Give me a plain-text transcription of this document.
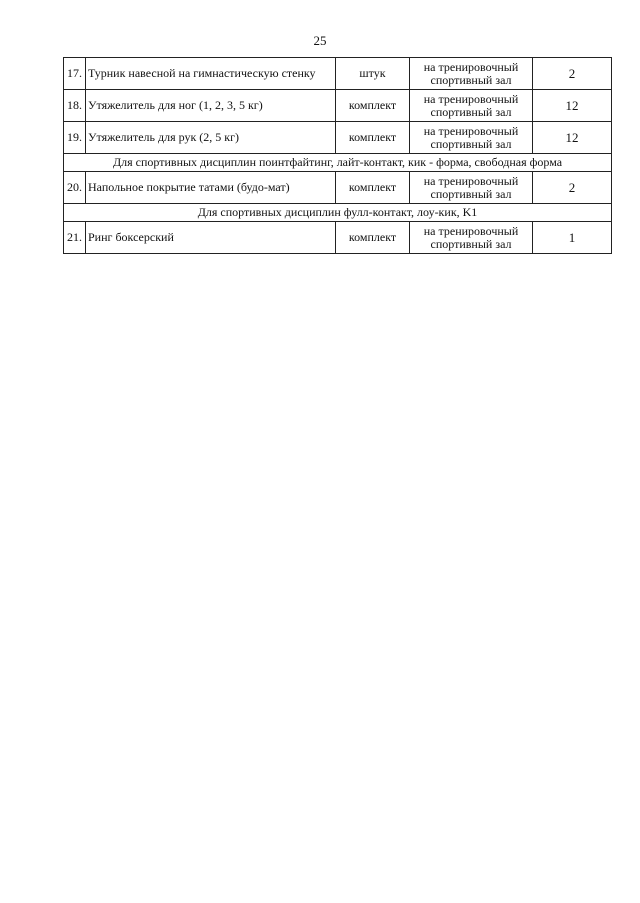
25
17.	Турник навесной на гимнастическую стенку	штук	на тренировочный спортивный зал	2
18.	Утяжелитель для ног (1, 2, 3, 5 кг)	комплект	на тренировочный спортивный зал	12
19.	Утяжелитель для рук (2, 5 кг)	комплект	на тренировочный спортивный зал	12
Для спортивных дисциплин поинтфайтинг, лайт-контакт, кик - форма, свободная форма				
20.	Напольное покрытие татами (будо-мат)	комплект	на тренировочный спортивный зал	2
Для спортивных дисциплин фулл-контакт, лоу-кик, K1				
21.	Ринг боксерский	комплект	на тренировочный спортивный зал	1
